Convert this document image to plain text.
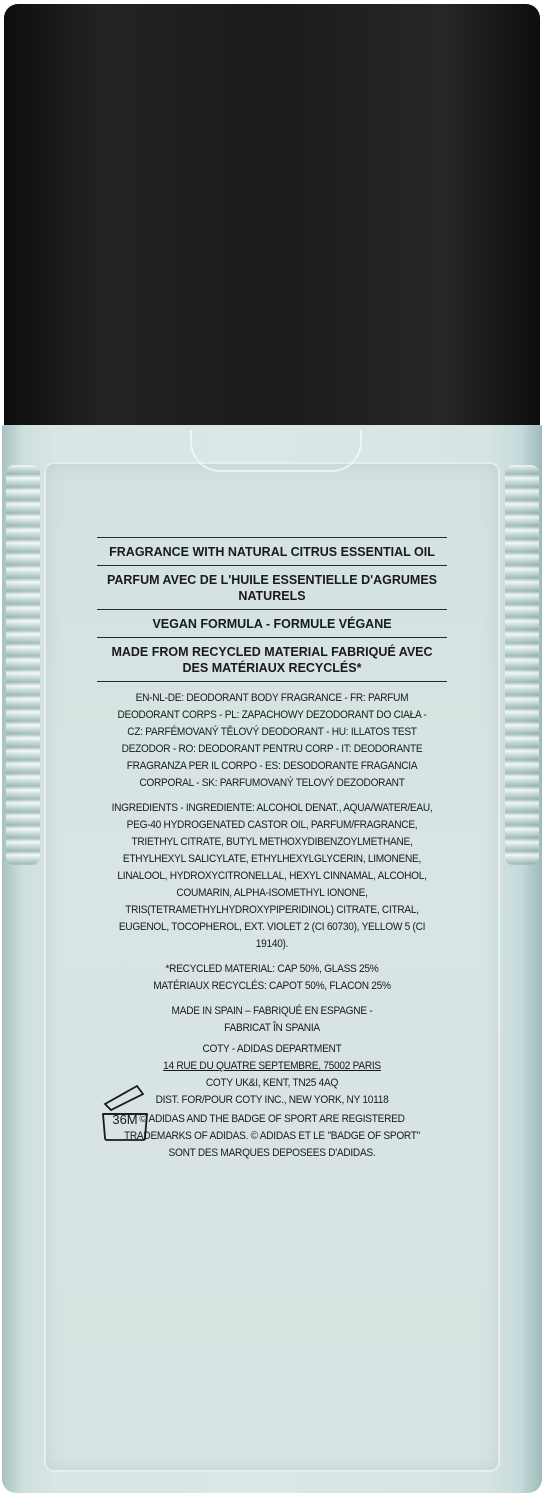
FRAGRANCE WITH NATURAL CITRUS ESSENTIAL OIL
PARFUM AVEC DE L'HUILE ESSENTIELLE D'AGRUMES NATURELS
VEGAN FORMULA - FORMULE VÉGANE
MADE FROM RECYCLED MATERIAL FABRIQUÉ AVEC DES MATÉRIAUX RECYCLÉS*
EN-NL-DE: DEODORANT BODY FRAGRANCE - FR: PARFUM DEODORANT CORPS - PL: ZAPACHOWY DEZODORANT DO CIAŁA - CZ: PARFÉMOVANÝ TĚLOVÝ DEODORANT - HU: ILLATOS TEST DEZODOR - RO: DEODORANT PENTRU CORP - IT: DEODORANTE FRAGRANZA PER IL CORPO - ES: DESODORANTE FRAGANCIA CORPORAL - SK: PARFUMOVANÝ TELOVÝ DEZODORANT
INGREDIENTS - INGREDIENTE: ALCOHOL DENAT., AQUA/WATER/EAU, PEG-40 HYDROGENATED CASTOR OIL, PARFUM/FRAGRANCE, TRIETHYL CITRATE, BUTYL METHOXYDIBENZOYLMETHANE, ETHYLHEXYL SALICYLATE, ETHYLHEXYLGLYCERIN, LIMONENE, LINALOOL, HYDROXYCITRONELLAL, HEXYL CINNAMAL, ALCOHOL, COUMARIN, ALPHA-ISOMETHYL IONONE, TRIS(TETRAMETHYLHYDROXYPIPERIDINOL) CITRATE, CITRAL, EUGENOL, TOCOPHEROL, EXT. VIOLET 2 (CI 60730), YELLOW 5 (CI 19140).
*RECYCLED MATERIAL: CAP 50%, GLASS 25%
MATÉRIAUX RECYCLÉS: CAPOT 50%, FLACON 25%
MADE IN SPAIN – FABRIQUÉ EN ESPAGNE - FABRICAT ÎN SPANIA
COTY - ADIDAS DEPARTMENT
14 RUE DU QUATRE SEPTEMBRE, 75002 PARIS
COTY UK&I, KENT, TN25 4AQ
DIST. FOR/POUR COTY INC., NEW YORK, NY 10118
© ADIDAS AND THE BADGE OF SPORT ARE REGISTERED TRADEMARKS OF ADIDAS. © ADIDAS ET LE "BADGE OF SPORT" SONT DES MARQUES DEPOSEES D'ADIDAS.
36M
